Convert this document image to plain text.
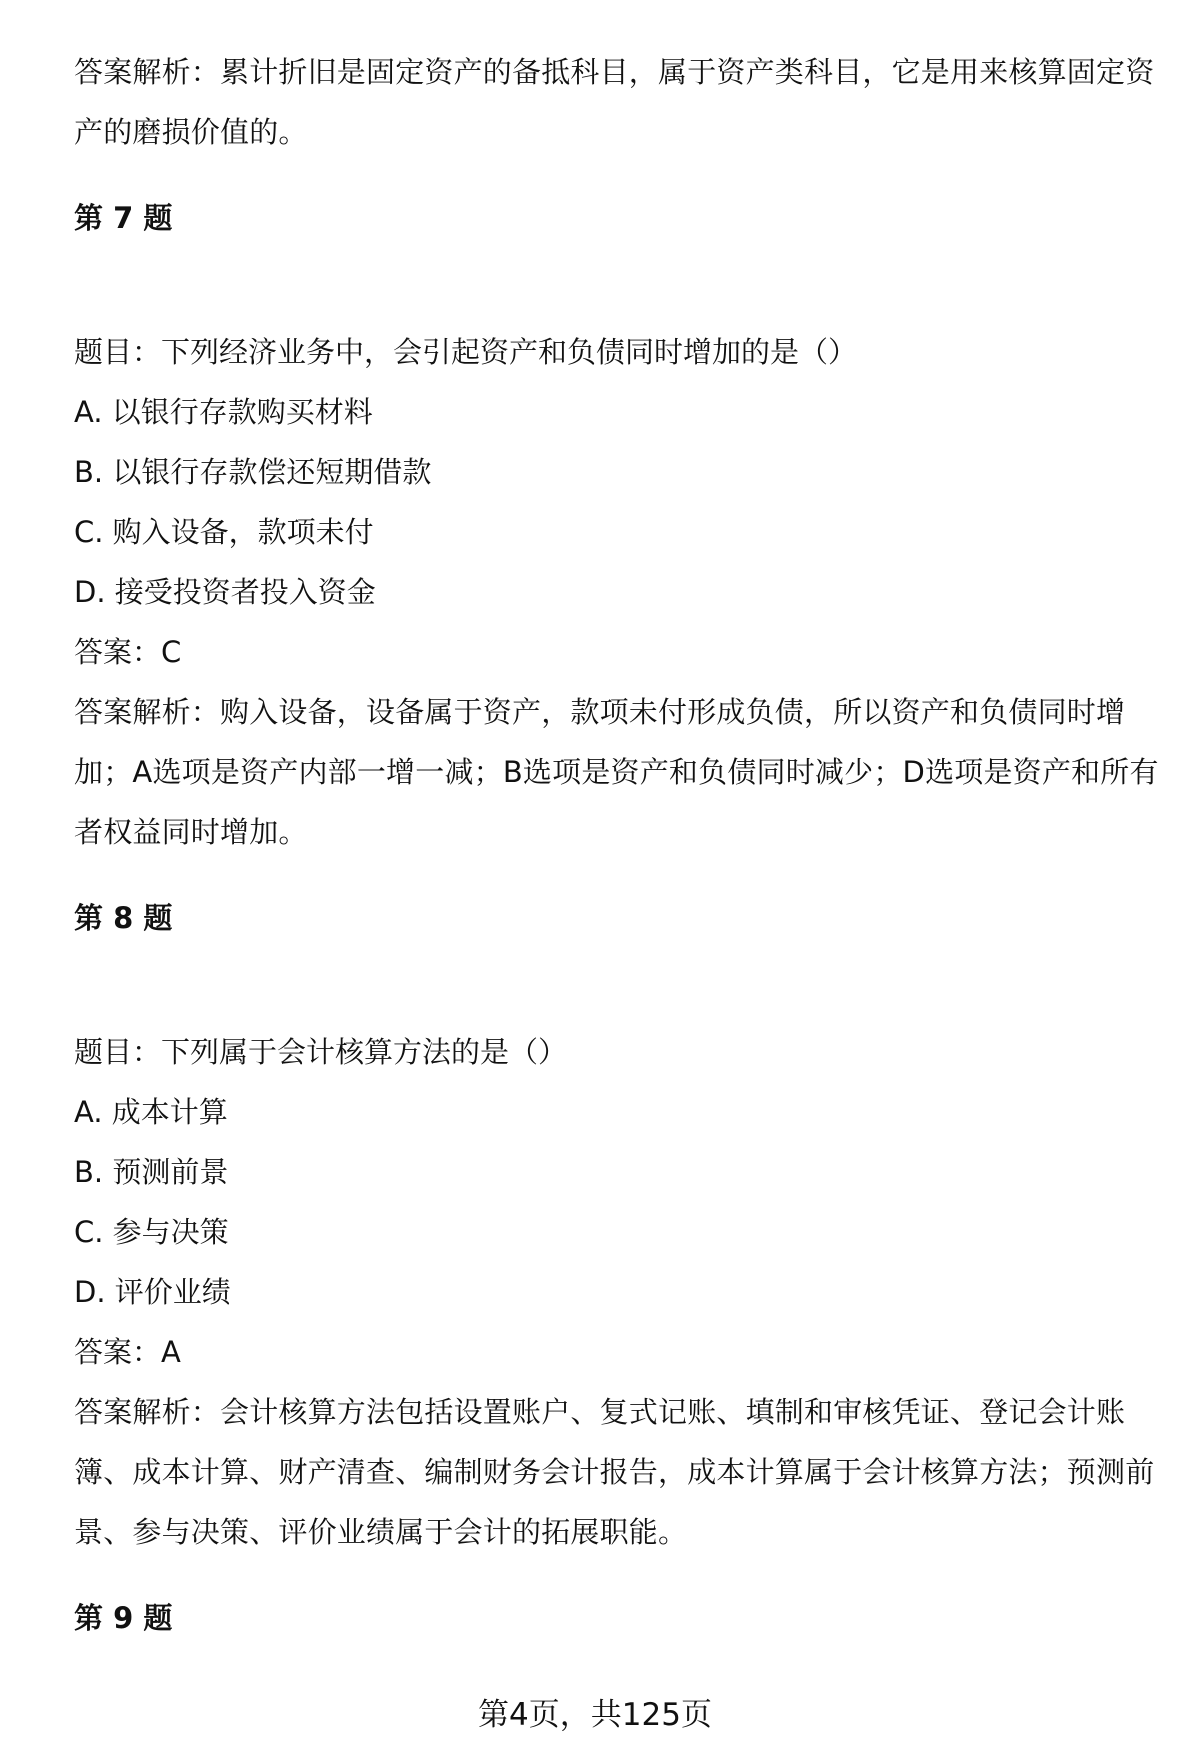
答案解析：累计折旧是固定资产的备抵科目，属于资产类科目，它是用来核算固定资产的磨损价值的。

第 7 题

题目：下列经济业务中，会引起资产和负债同时增加的是（）

A. 以银行存款购买材料

B. 以银行存款偿还短期借款

C. 购入设备，款项未付

D. 接受投资者投入资金

答案：C

答案解析：购入设备，设备属于资产，款项未付形成负债，所以资产和负债同时增加；A选项是资产内部一增一减；B选项是资产和负债同时减少；D选项是资产和所有者权益同时增加。

第 8 题

题目：下列属于会计核算方法的是（）

A. 成本计算

B. 预测前景

C. 参与决策

D. 评价业绩

答案：A

答案解析：会计核算方法包括设置账户、复式记账、填制和审核凭证、登记会计账簿、成本计算、财产清查、编制财务会计报告，成本计算属于会计核算方法；预测前景、参与决策、评价业绩属于会计的拓展职能。

第 9 题

第4页，共125页
